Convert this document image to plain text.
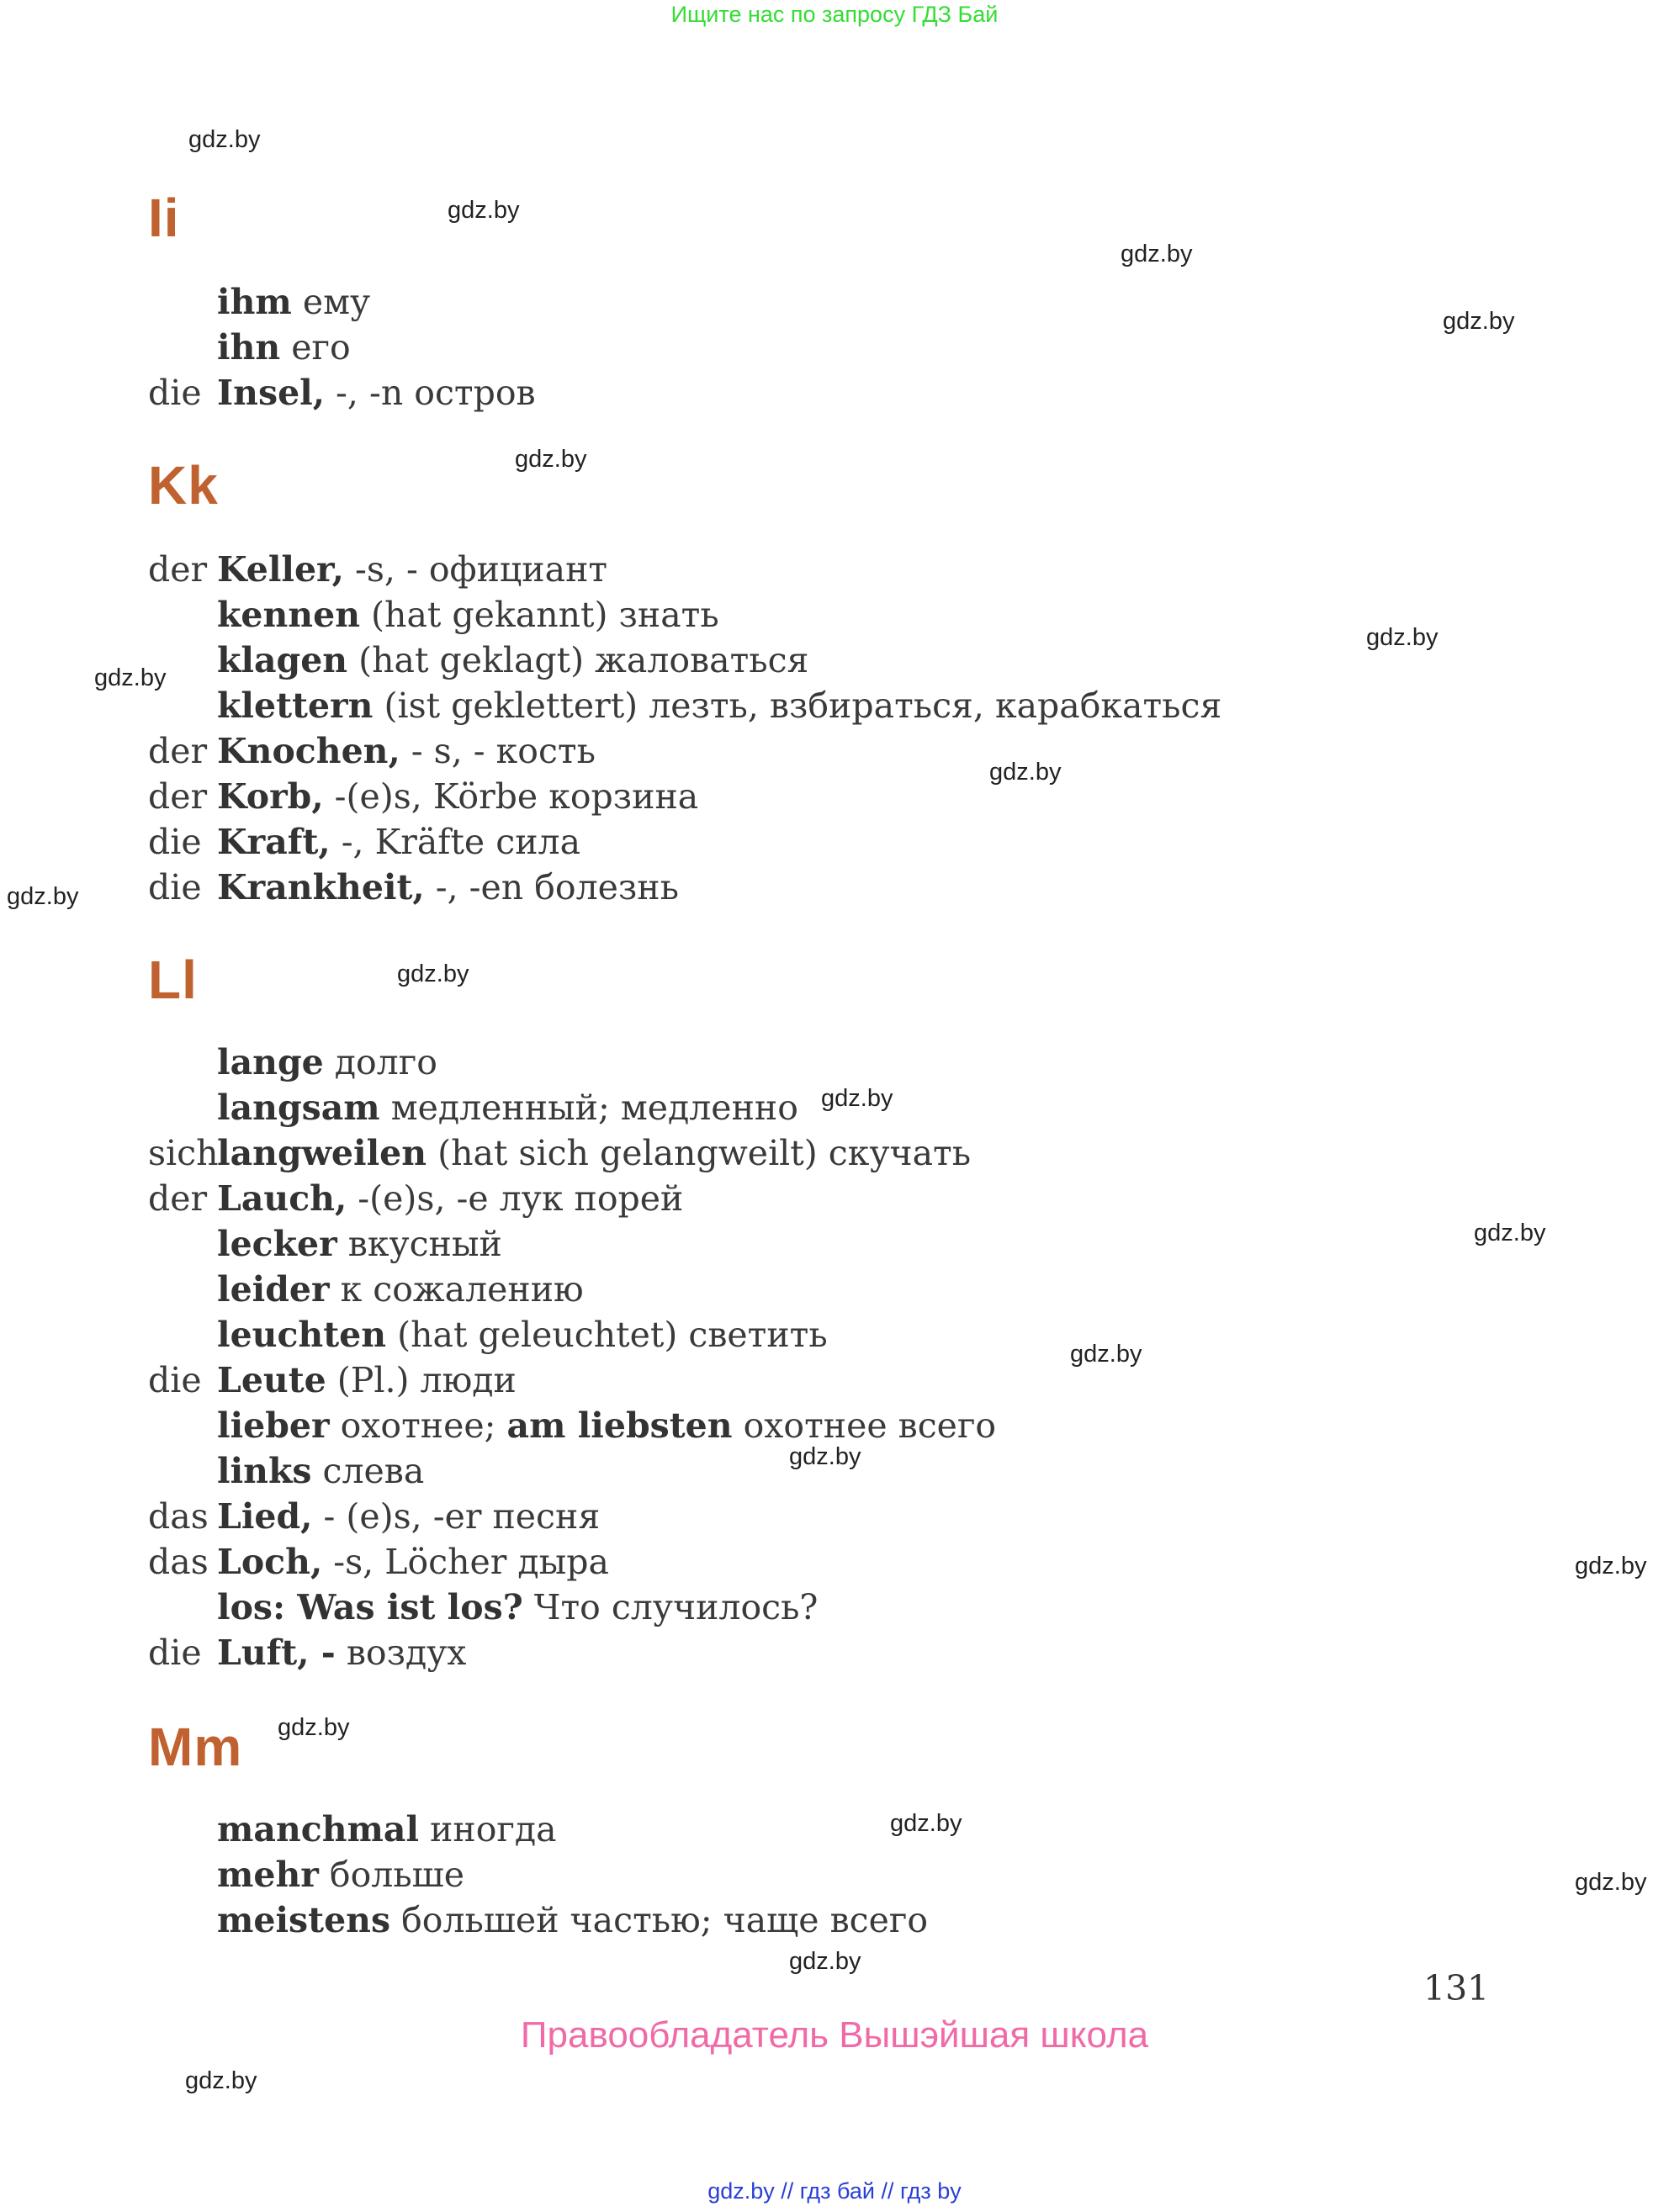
Ищите нас по запросу ГДЗ Бай
gdz.by
gdz.by
gdz.by
gdz.by
gdz.by
gdz.by
gdz.by
gdz.by
gdz.by
gdz.by
gdz.by
gdz.by
gdz.by
gdz.by
gdz.by
gdz.by
gdz.by
gdz.by
gdz.by
gdz.by
Ii
ihm ему
ihn его
die Insel, -, -n остров
Kk
der Keller, -s, - официант
kennen (hat gekannt) знать
klagen (hat geklagt) жаловаться
klettern (ist geklettert) лезть, взбираться, карабкаться
der Knochen, - s, - кость
der Korb, -(e)s, Körbe корзина
die Kraft, -, Kräfte сила
die Krankheit, -, -en болезнь
Ll
lange долго
langsam медленный; медленно
sichlangweilen (hat sich gelangweilt) скучать
der Lauch, -(e)s, -e лук порей
lecker вкусный
leider к сожалению
leuchten (hat geleuchtet) светить
die Leute (Pl.) люди
lieber охотнее; am liebsten охотнее всего
links слева
das Lied, - (e)s, -er песня
das Loch, -s, Löcher дыра
los: Was ist los? Что случилось?
die Luft, - воздух
Mm
manchmal иногда
mehr больше
meistens большей частью; чаще всего
131
Правообладатель Вышэйшая школа
gdz.by // гдз бай // гдз by
